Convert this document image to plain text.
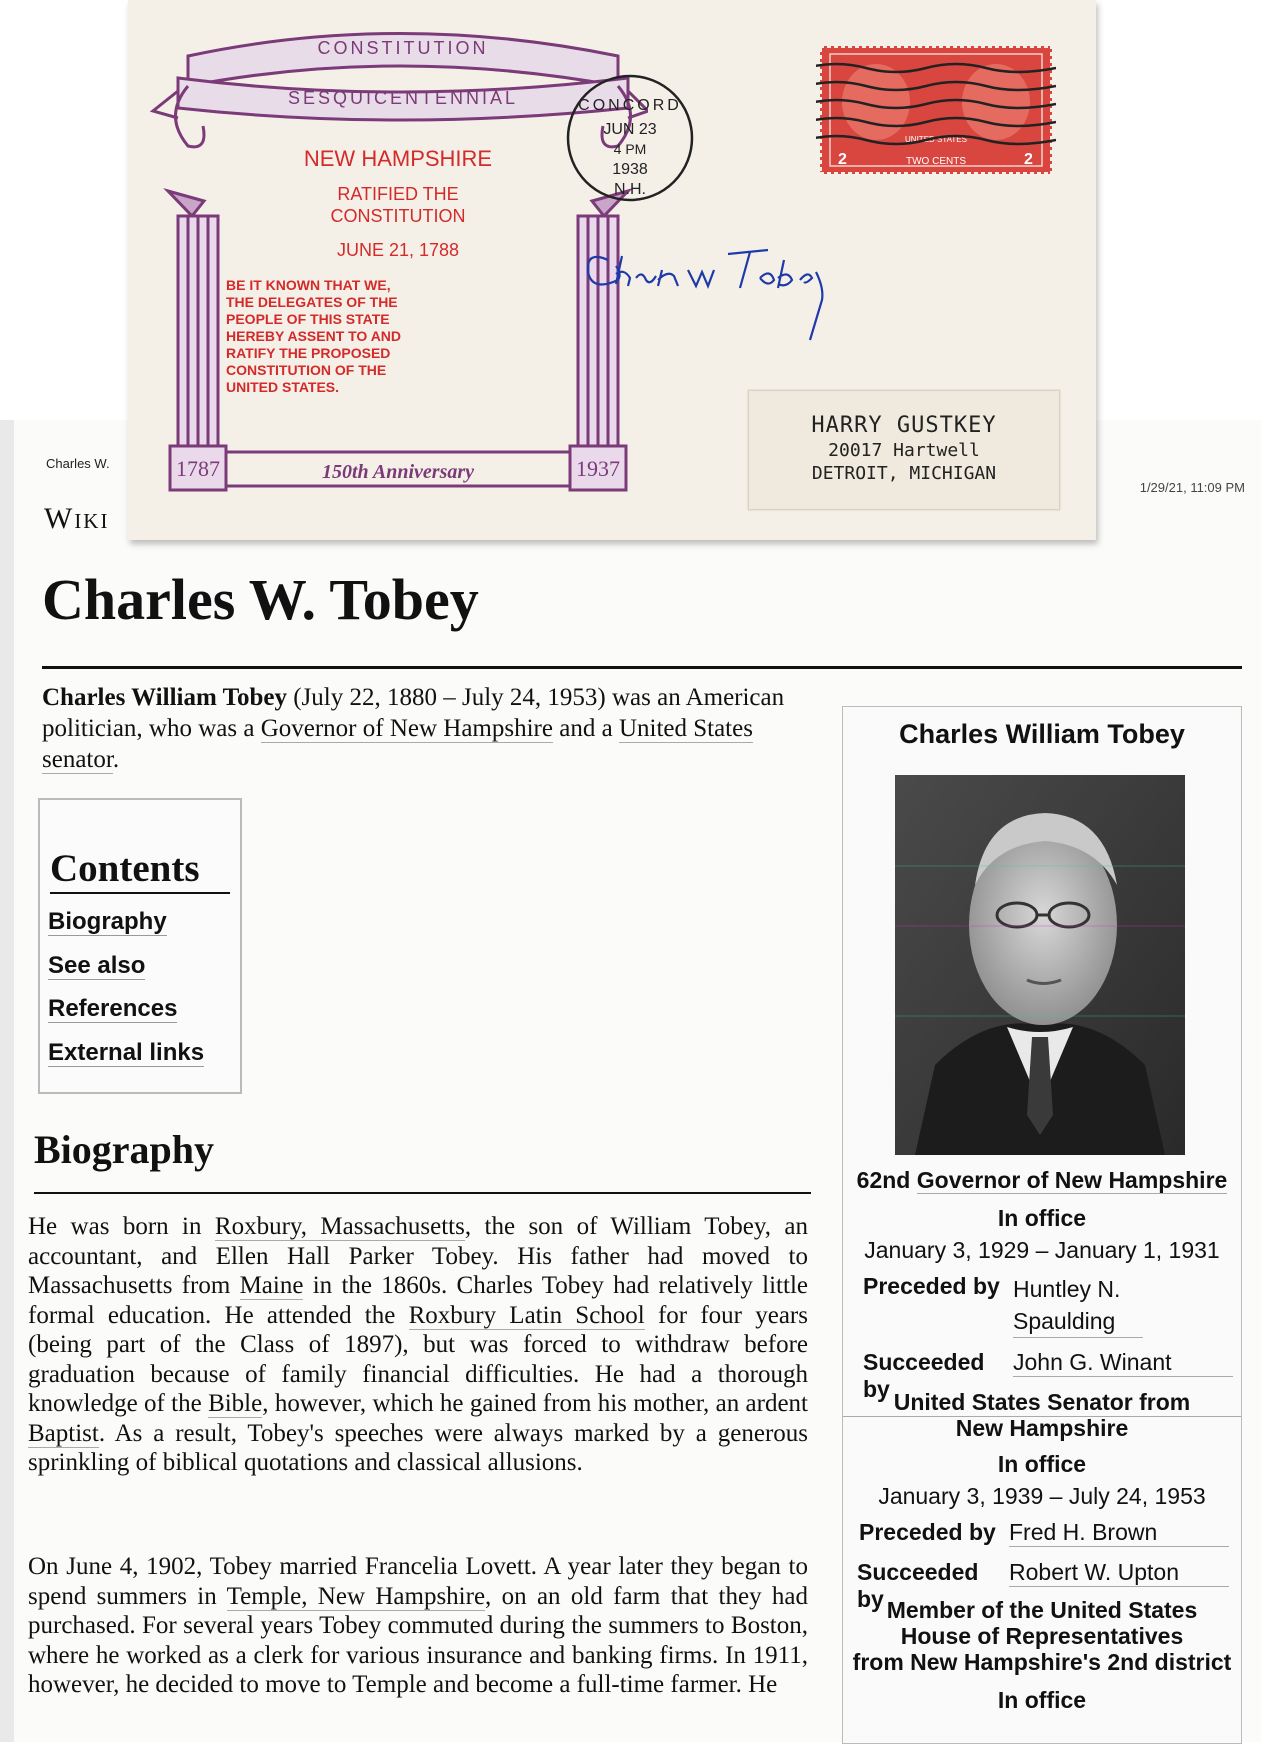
Charles W.
1/29/21, 11:09 PM
Wiki
Charles W. Tobey
Charles William Tobey (July 22, 1880 – July 24, 1953) was an American politician, who was a Governor of New Hampshire and a United States senator.
Contents
Biography
See also
References
External links
Biography

He was born in Roxbury, Massachusetts, the son of William Tobey, an accountant, and Ellen Hall Parker Tobey. His father had moved to Massachusetts from Maine in the 1860s. Charles Tobey had relatively little formal education. He attended the Roxbury Latin School for four years (being part of the Class of 1897), but was forced to withdraw before graduation because of family financial difficulties. He had a thorough knowledge of the Bible, however, which he gained from his mother, an ardent Baptist. As a result, Tobey's speeches were always marked by a generous sprinkling of biblical quotations and classical allusions.

On June 4, 1902, Tobey married Francelia Lovett. A year later they began to spend summers in Temple, New Hampshire, on an old farm that they had purchased. For several years Tobey commuted during the summers to Boston, where he worked as a clerk for various insurance and banking firms. In 1911, however, he decided to move to Temple and become a full-time farmer. He

Charles William Tobey
62nd Governor of New Hampshire
In office
January 3, 1929 – January 1, 1931
Preceded by Huntley N. Spaulding
Succeeded by
John G. Winant
United States Senator from
New Hampshire
In office
January 3, 1939 – July 24, 1953
Preceded by Fred H. Brown
Succeeded by
Robert W. Upton
Member of the United States
House of Representatives
from New Hampshire's 2nd district
In office
CONSTITUTION
SESQUICENTENNIAL
NEW HAMPSHIRE
RATIFIED THE
CONSTITUTION
JUNE 21, 1788
BE IT KNOWN THAT WE,
THE DELEGATES OF THE
PEOPLE OF THIS STATE
HEREBY ASSENT TO AND
RATIFY THE PROPOSED
CONSTITUTION OF THE
UNITED STATES.
1787	1937
150th Anniversary
CONCORD
JUN 23
4 PM
1938
N.H.
UNITED STATES
2	TWO CENTS	2
HARRY GUSTKEY
20017 Hartwell
DETROIT, MICHIGAN
